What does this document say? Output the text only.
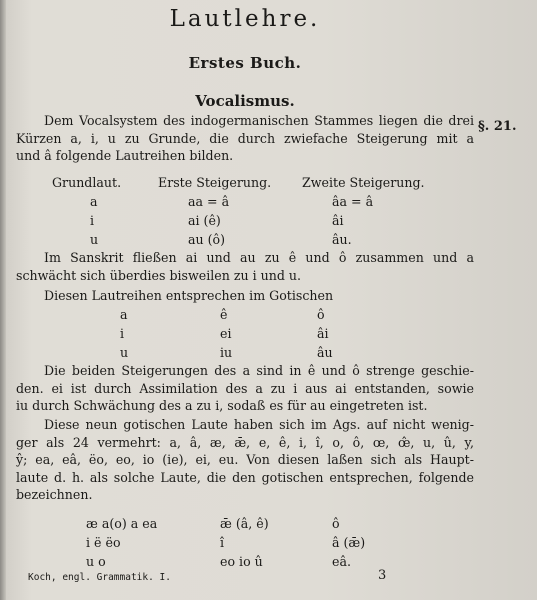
Lautlehre.
Erstes Buch.
Vocalismus.
§. 21.
Dem Vocalsystem des indogermanischen Stammes liegen die drei
Kürzen a, i, u zu Grunde, die durch zwiefache Steigerung mit a
und â folgende Lautreihen bilden.
Grundlaut.	Erste Steigerung. Zweite Steigerung.
a	aa = â	âa = â
i	ai (ê)	âi
u	au (ô)	âu.
Im Sanskrit fließen ai und au zu ê und ô zusammen und a
schwächt sich überdies bisweilen zu i und u.
Diesen Lautreihen entsprechen im Gotischen
a	ê	ô
i	ei	âi
u	iu	âu
Die beiden Steigerungen des a sind in ê und ô strenge geschie-
den. ei ist durch Assimilation des a zu i aus ai entstanden, sowie
iu durch Schwächung des a zu i, sodaß es für au eingetreten ist.
Diese neun gotischen Laute haben sich im Ags. auf nicht wenig-
ger als 24 vermehrt: a, â, æ, ǣ, e, ê, i, î, o, ô, œ, œ̂, u, û, y,
ŷ; ea, eâ, ëo, eo, io (ie), ei, eu. Von diesen laßen sich als Haupt-
laute d. h. als solche Laute, die den gotischen entsprechen, folgende
bezeichnen.
æ a(o) a ea	ǣ (â, ê)	ô
i ë ëo	î	â (ǣ)
u o	eo io û	eâ.
Koch, engl. Grammatik. I.	3
